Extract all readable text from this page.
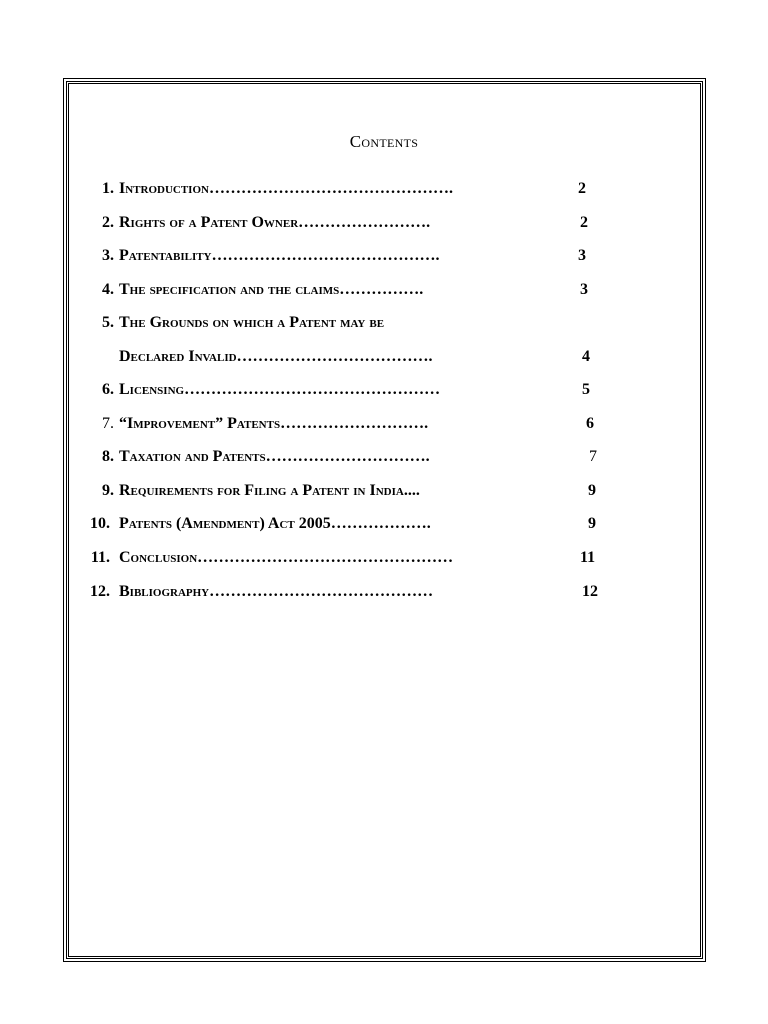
Contents
1. Introduction……………………………………….	2
2. Rights of a Patent Owner…………………….	2
3. Patentability…………………………………….	3
4. The specification and the claims…………….	3
5. The Grounds on which a Patent may be
Declared Invalid……………………………….	4
6. Licensing…………………………………………	5
7. “Improvement” Patents……………………….	6
8. Taxation and Patents………………………….	7
9. Requirements for Filing a Patent in India....	9
10. Patents (Amendment) Act 2005……………….	9
11. Conclusion…………………………………………	11
12. Bibliography……………………………………	12
